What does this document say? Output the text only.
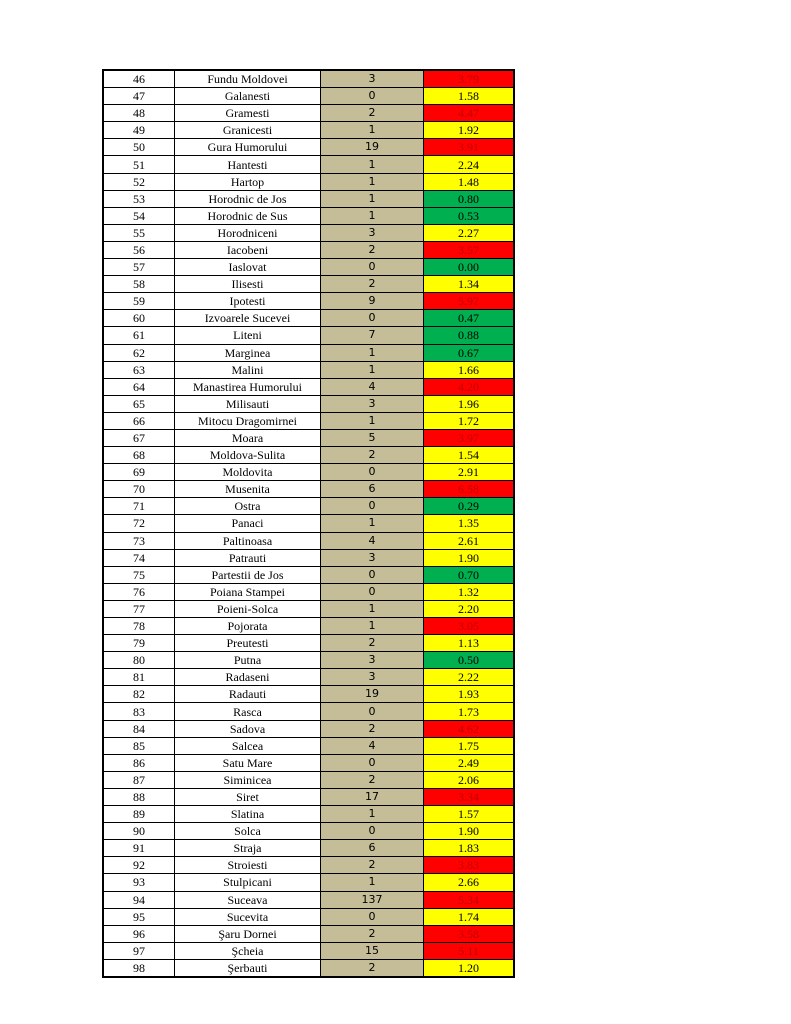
46	Fundu Moldovei	3	3.79
47	Galanesti	0	1.58
48	Gramesti	2	4.47
49	Granicesti	1	1.92
50	Gura Humorului	19	3.91
51	Hantesti	1	2.24
52	Hartop	1	1.48
53	Horodnic de Jos	1	0.80
54	Horodnic de Sus	1	0.53
55	Horodniceni	3	2.27
56	Iacobeni	2	3.57
57	Iaslovat	0	0.00
58	Ilisesti	2	1.34
59	Ipotesti	9	5.97
60	Izvoarele Sucevei	0	0.47
61	Liteni	7	0.88
62	Marginea	1	0.67
63	Malini	1	1.66
64	Manastirea Humorului	4	4.20
65	Milisauti	3	1.96
66	Mitocu Dragomirnei	1	1.72
67	Moara	5	3.97
68	Moldova-Sulita	2	1.54
69	Moldovita	0	2.91
70	Musenita	6	6.58
71	Ostra	0	0.29
72	Panaci	1	1.35
73	Paltinoasa	4	2.61
74	Patrauti	3	1.90
75	Partestii de Jos	0	0.70
76	Poiana Stampei	0	1.32
77	Poieni-Solca	1	2.20
78	Pojorata	1	3.05
79	Preutesti	2	1.13
80	Putna	3	0.50
81	Radaseni	3	2.22
82	Radauti	19	1.93
83	Rasca	0	1.73
84	Sadova	2	4.62
85	Salcea	4	1.75
86	Satu Mare	0	2.49
87	Siminicea	2	2.06
88	Siret	17	3.34
89	Slatina	1	1.57
90	Solca	0	1.90
91	Straja	6	1.83
92	Stroiesti	2	3.83
93	Stulpicani	1	2.66
94	Suceava	137	5.34
95	Sucevita	0	1.74
96	Şaru Dornei	2	3.58
97	Şcheia	15	5.11
98	Şerbauti	2	1.20
